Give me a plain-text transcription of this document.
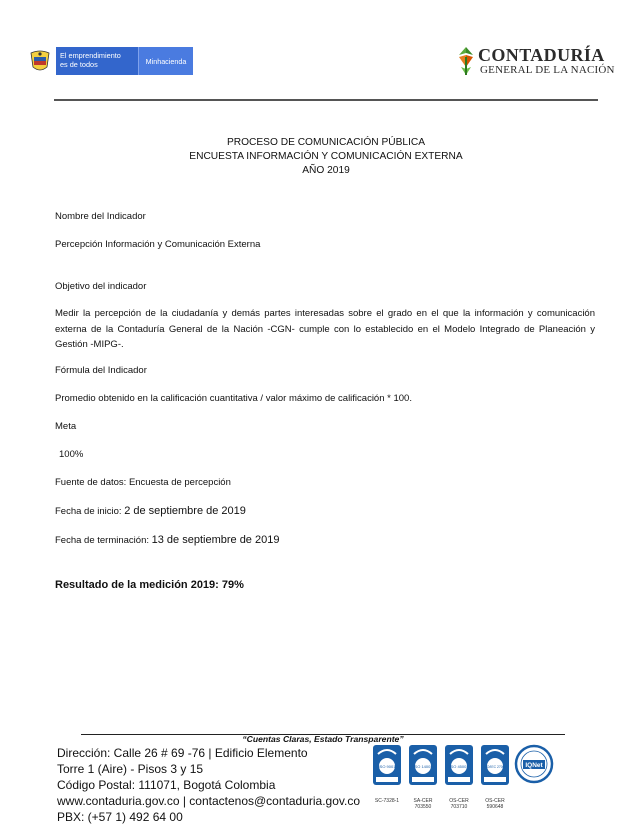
El emprendimiento
es de todos	Minhacienda	CONTADURÍA
GENERAL DE LA NACIÓN
PROCESO DE COMUNICACIÓN PÚBLICA
ENCUESTA INFORMACIÓN Y COMUNICACIÓN EXTERNA
AÑO 2019
Nombre del Indicador
Percepción Información y Comunicación Externa
Objetivo del indicador
Medir la percepción de la ciudadanía y demás partes interesadas sobre el grado en el que la información y comunicación externa de la Contaduría General de la Nación -CGN- cumple con lo establecido en el Modelo Integrado de Planeación y Gestión -MIPG-.
Fórmula del Indicador
Promedio obtenido en la calificación cuantitativa / valor máximo de calificación * 100.
Meta
100%
Fuente de datos: Encuesta de percepción
Fecha de inicio: 2 de septiembre de 2019
Fecha de terminación: 13 de septiembre de 2019
Resultado de la medición 2019: 79%
“Cuentas Claras, Estado Transparente”
Dirección: Calle 26 # 69 -76 | Edificio Elemento
Torre 1 (Aire) - Pisos 3 y 15
Código Postal: 111071, Bogotá Colombia
www.contaduria.gov.co | contactenos@contaduria.gov.co
PBX: (+57 1) 492 64 00
ISO 9001
SC-7328-1
ISO 14001
SA-CER 703550
ISO 45001
OS-CER 703710
ISO/IEC 27001
OS-CER 590648
IQNet
